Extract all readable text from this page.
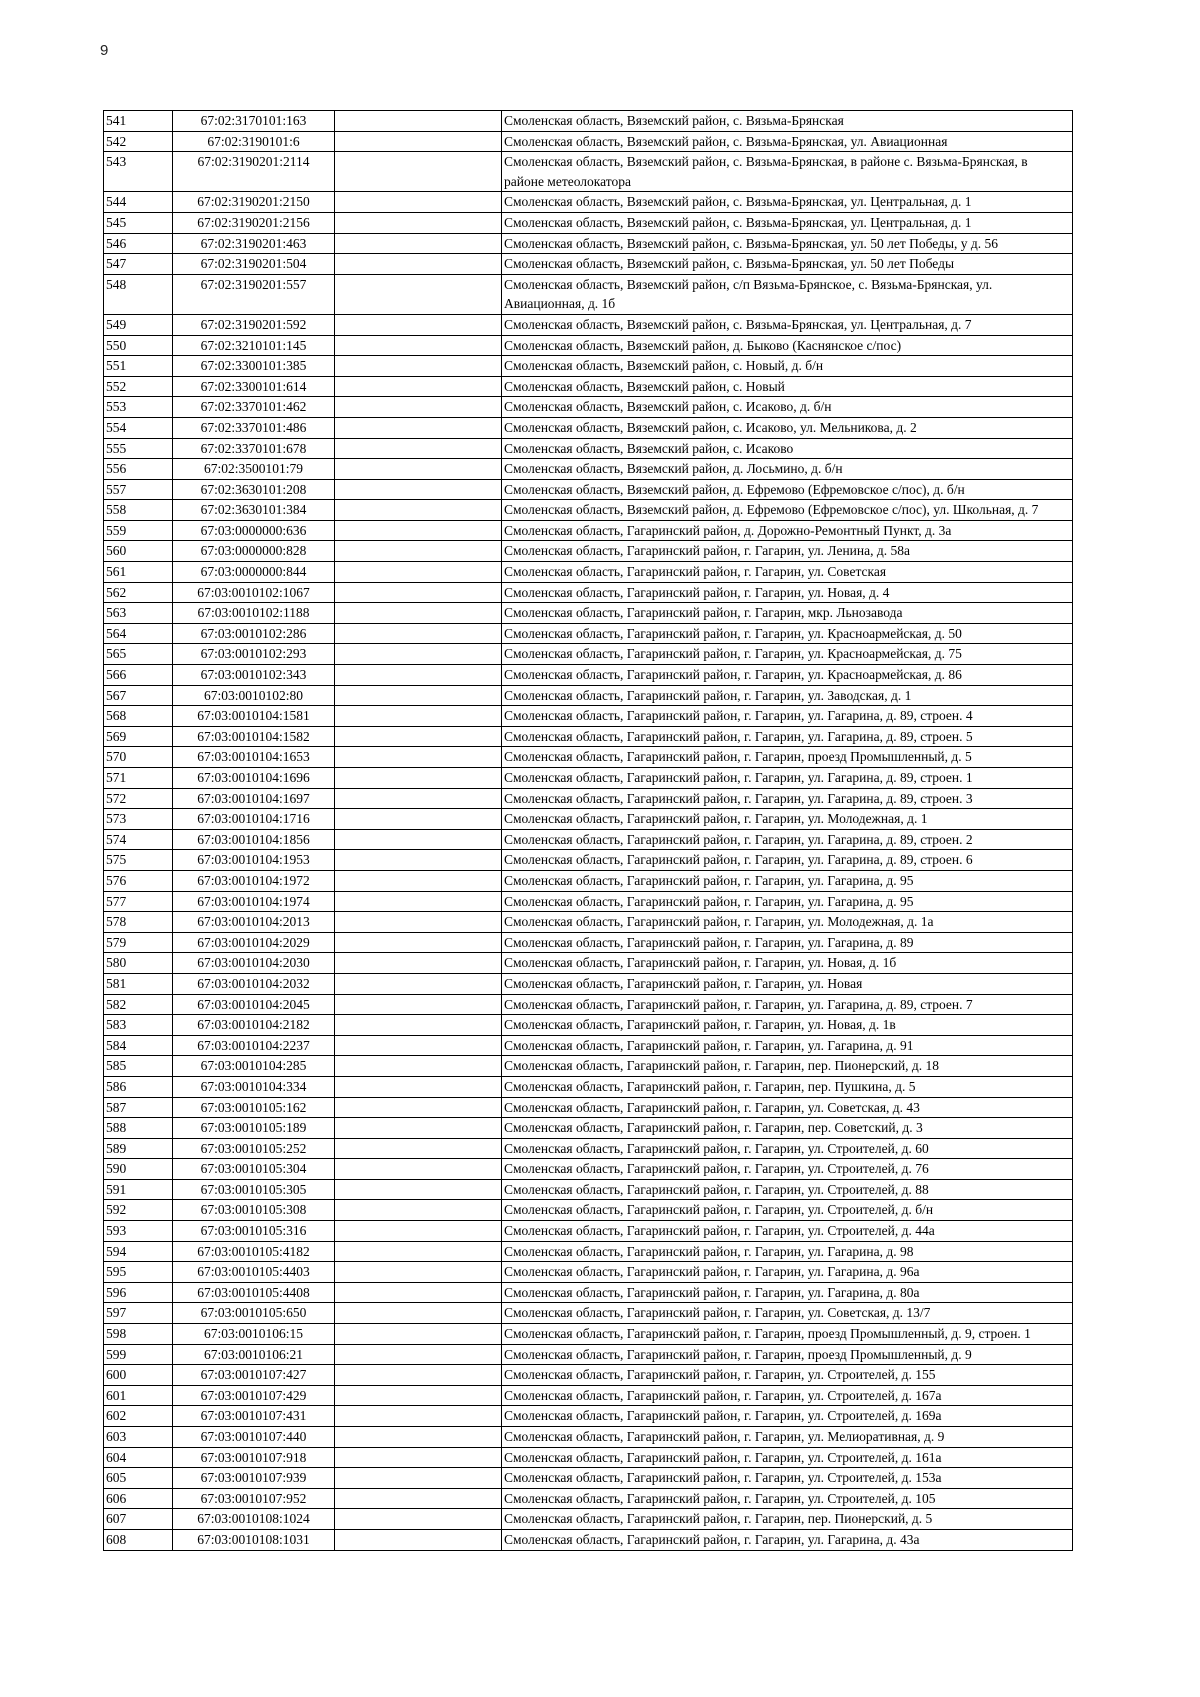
9
541	67:02:3170101:163		Смоленская область, Вяземский район, с. Вязьма-Брянская
542	67:02:3190101:6		Смоленская область, Вяземский район, с. Вязьма-Брянская, ул. Авиационная
543	67:02:3190201:2114		Смоленская область, Вяземский район, с. Вязьма-Брянская, в районе с. Вязьма-Брянская, в районе метеолокатора
544	67:02:3190201:2150		Смоленская область, Вяземский район, с. Вязьма-Брянская, ул. Центральная, д. 1
545	67:02:3190201:2156		Смоленская область, Вяземский район, с. Вязьма-Брянская, ул. Центральная, д. 1
546	67:02:3190201:463		Смоленская область, Вяземский район, с. Вязьма-Брянская, ул. 50 лет Победы, у д. 56
547	67:02:3190201:504		Смоленская область, Вяземский район, с. Вязьма-Брянская, ул. 50 лет Победы
548	67:02:3190201:557		Смоленская область, Вяземский район, с/п Вязьма-Брянское, с. Вязьма-Брянская, ул. Авиационная, д. 1б
549	67:02:3190201:592		Смоленская область, Вяземский район, с. Вязьма-Брянская, ул. Центральная, д. 7
550	67:02:3210101:145		Смоленская область, Вяземский район, д. Быково (Каснянское с/пос)
551	67:02:3300101:385		Смоленская область, Вяземский район, с. Новый, д. б/н
552	67:02:3300101:614		Смоленская область, Вяземский район, с. Новый
553	67:02:3370101:462		Смоленская область, Вяземский район, с. Исаково, д. б/н
554	67:02:3370101:486		Смоленская область, Вяземский район, с. Исаково, ул. Мельникова, д. 2
555	67:02:3370101:678		Смоленская область, Вяземский район, с. Исаково
556	67:02:3500101:79		Смоленская область, Вяземский район, д. Лосьмино, д. б/н
557	67:02:3630101:208		Смоленская область, Вяземский район, д. Ефремово (Ефремовское с/пос), д. б/н
558	67:02:3630101:384		Смоленская область, Вяземский район, д. Ефремово (Ефремовское с/пос), ул. Школьная, д. 7
559	67:03:0000000:636		Смоленская область, Гагаринский район, д. Дорожно-Ремонтный Пункт, д. 3а
560	67:03:0000000:828		Смоленская область, Гагаринский район, г. Гагарин, ул. Ленина, д. 58а
561	67:03:0000000:844		Смоленская область, Гагаринский район, г. Гагарин, ул. Советская
562	67:03:0010102:1067		Смоленская область, Гагаринский район, г. Гагарин, ул. Новая, д. 4
563	67:03:0010102:1188		Смоленская область, Гагаринский район, г. Гагарин, мкр. Льнозавода
564	67:03:0010102:286		Смоленская область, Гагаринский район, г. Гагарин, ул. Красноармейская, д. 50
565	67:03:0010102:293		Смоленская область, Гагаринский район, г. Гагарин, ул. Красноармейская, д. 75
566	67:03:0010102:343		Смоленская область, Гагаринский район, г. Гагарин, ул. Красноармейская, д. 86
567	67:03:0010102:80		Смоленская область, Гагаринский район, г. Гагарин, ул. Заводская, д. 1
568	67:03:0010104:1581		Смоленская область, Гагаринский район, г. Гагарин, ул. Гагарина, д. 89, строен. 4
569	67:03:0010104:1582		Смоленская область, Гагаринский район, г. Гагарин, ул. Гагарина, д. 89, строен. 5
570	67:03:0010104:1653		Смоленская область, Гагаринский район, г. Гагарин, проезд Промышленный, д. 5
571	67:03:0010104:1696		Смоленская область, Гагаринский район, г. Гагарин, ул. Гагарина, д. 89, строен. 1
572	67:03:0010104:1697		Смоленская область, Гагаринский район, г. Гагарин, ул. Гагарина, д. 89, строен. 3
573	67:03:0010104:1716		Смоленская область, Гагаринский район, г. Гагарин, ул. Молодежная, д. 1
574	67:03:0010104:1856		Смоленская область, Гагаринский район, г. Гагарин, ул. Гагарина, д. 89, строен. 2
575	67:03:0010104:1953		Смоленская область, Гагаринский район, г. Гагарин, ул. Гагарина, д. 89, строен. 6
576	67:03:0010104:1972		Смоленская область, Гагаринский район, г. Гагарин, ул. Гагарина, д. 95
577	67:03:0010104:1974		Смоленская область, Гагаринский район, г. Гагарин, ул. Гагарина, д. 95
578	67:03:0010104:2013		Смоленская область, Гагаринский район, г. Гагарин, ул. Молодежная, д. 1а
579	67:03:0010104:2029		Смоленская область, Гагаринский район, г. Гагарин, ул. Гагарина, д. 89
580	67:03:0010104:2030		Смоленская область, Гагаринский район, г. Гагарин, ул. Новая, д. 1б
581	67:03:0010104:2032		Смоленская область, Гагаринский район, г. Гагарин, ул. Новая
582	67:03:0010104:2045		Смоленская область, Гагаринский район, г. Гагарин, ул. Гагарина, д. 89, строен. 7
583	67:03:0010104:2182		Смоленская область, Гагаринский район, г. Гагарин, ул. Новая, д. 1в
584	67:03:0010104:2237		Смоленская область, Гагаринский район, г. Гагарин, ул. Гагарина, д. 91
585	67:03:0010104:285		Смоленская область, Гагаринский район, г. Гагарин, пер. Пионерский, д. 18
586	67:03:0010104:334		Смоленская область, Гагаринский район, г. Гагарин, пер. Пушкина, д. 5
587	67:03:0010105:162		Смоленская область, Гагаринский район, г. Гагарин, ул. Советская, д. 43
588	67:03:0010105:189		Смоленская область, Гагаринский район, г. Гагарин, пер. Советский, д. 3
589	67:03:0010105:252		Смоленская область, Гагаринский район, г. Гагарин, ул. Строителей, д. 60
590	67:03:0010105:304		Смоленская область, Гагаринский район, г. Гагарин, ул. Строителей, д. 76
591	67:03:0010105:305		Смоленская область, Гагаринский район, г. Гагарин, ул. Строителей, д. 88
592	67:03:0010105:308		Смоленская область, Гагаринский район, г. Гагарин, ул. Строителей, д. б/н
593	67:03:0010105:316		Смоленская область, Гагаринский район, г. Гагарин, ул. Строителей, д. 44а
594	67:03:0010105:4182		Смоленская область, Гагаринский район, г. Гагарин, ул. Гагарина, д. 98
595	67:03:0010105:4403		Смоленская область, Гагаринский район, г. Гагарин, ул. Гагарина, д. 96а
596	67:03:0010105:4408		Смоленская область, Гагаринский район, г. Гагарин, ул. Гагарина, д. 80а
597	67:03:0010105:650		Смоленская область, Гагаринский район, г. Гагарин, ул. Советская, д. 13/7
598	67:03:0010106:15		Смоленская область, Гагаринский район, г. Гагарин, проезд Промышленный, д. 9, строен. 1
599	67:03:0010106:21		Смоленская область, Гагаринский район, г. Гагарин, проезд Промышленный, д. 9
600	67:03:0010107:427		Смоленская область, Гагаринский район, г. Гагарин, ул. Строителей, д. 155
601	67:03:0010107:429		Смоленская область, Гагаринский район, г. Гагарин, ул. Строителей, д. 167а
602	67:03:0010107:431		Смоленская область, Гагаринский район, г. Гагарин, ул. Строителей, д. 169а
603	67:03:0010107:440		Смоленская область, Гагаринский район, г. Гагарин, ул. Мелиоративная, д. 9
604	67:03:0010107:918		Смоленская область, Гагаринский район, г. Гагарин, ул. Строителей, д. 161а
605	67:03:0010107:939		Смоленская область, Гагаринский район, г. Гагарин, ул. Строителей, д. 153а
606	67:03:0010107:952		Смоленская область, Гагаринский район, г. Гагарин, ул. Строителей, д. 105
607	67:03:0010108:1024		Смоленская область, Гагаринский район, г. Гагарин, пер. Пионерский, д. 5
608	67:03:0010108:1031		Смоленская область, Гагаринский район, г. Гагарин, ул. Гагарина, д. 43а
